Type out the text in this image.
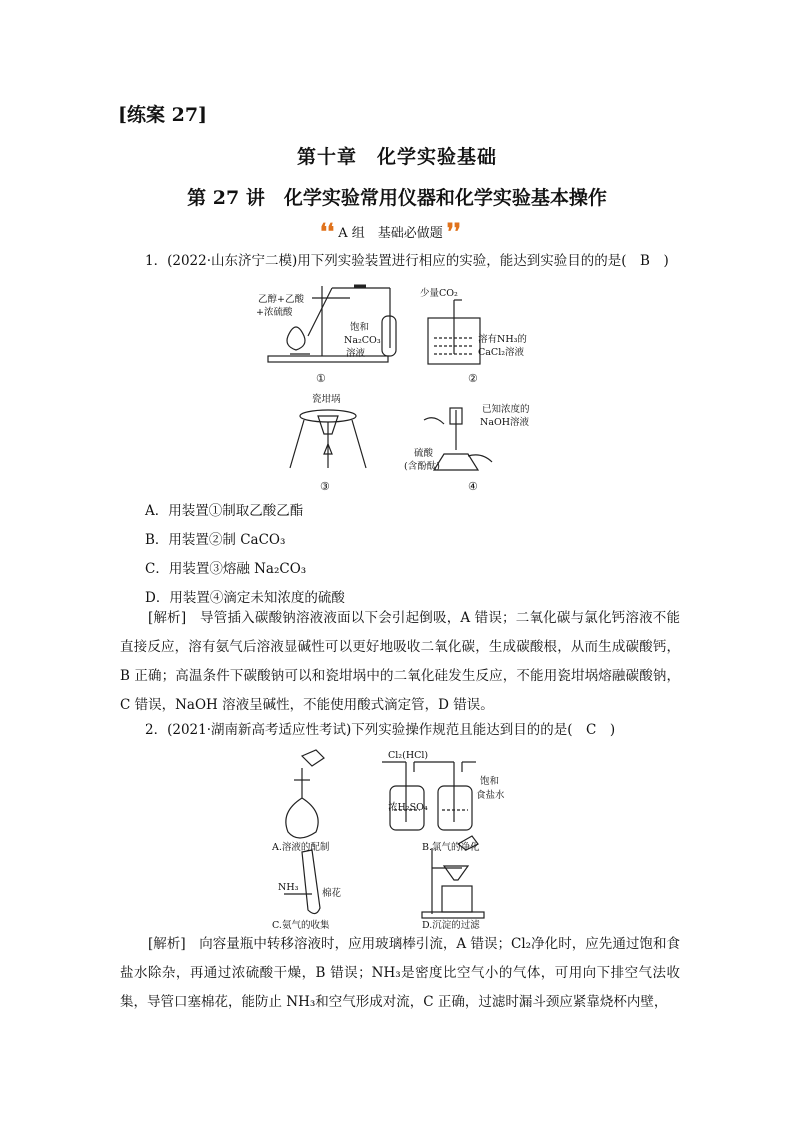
[练案 27]
第十章　化学实验基础
第 27 讲　化学实验常用仪器和化学实验基本操作
❛❛ A 组　基础必做题 ❜❜
1．(2022·山东济宁二模)用下列实验装置进行相应的实验，能达到实验目的的是(　B　)
乙醇+乙酸
+浓硫酸
饱和
Na₂CO₃
溶液
①
少量CO₂
溶有NH₃的
CaCl₂溶液
②
瓷坩埚
③
已知浓度的
NaOH溶液
硫酸
(含酚酞)
④
A．用装置①制取乙酸乙酯
B．用装置②制 CaCO₃
C．用装置③熔融 Na₂CO₃
D．用装置④滴定未知浓度的硫酸
[解析]　导管插入碳酸钠溶液液面以下会引起倒吸，A 错误；二氧化碳与氯化钙溶液不能直接反应，溶有氨气后溶液显碱性可以更好地吸收二氧化碳，生成碳酸根，从而生成碳酸钙，B 正确；高温条件下碳酸钠可以和瓷坩埚中的二氧化硅发生反应，不能用瓷坩埚熔融碳酸钠，C 错误，NaOH 溶液呈碱性，不能使用酸式滴定管，D 错误。
2．(2021·湖南新高考适应性考试)下列实验操作规范且能达到目的的是(　C　)
A.溶液的配制	B.氯气的净化
C.氨气的收集	D.沉淀的过滤
Cl₂(HCl)
饱和
食盐水
浓H₂SO₄
NH₃
棉花
[解析]　向容量瓶中转移溶液时，应用玻璃棒引流，A 错误；Cl₂净化时，应先通过饱和食盐水除杂，再通过浓硫酸干燥，B 错误；NH₃是密度比空气小的气体，可用向下排空气法收集，导管口塞棉花，能防止 NH₃和空气形成对流，C 正确，过滤时漏斗颈应紧靠烧杯内壁，
